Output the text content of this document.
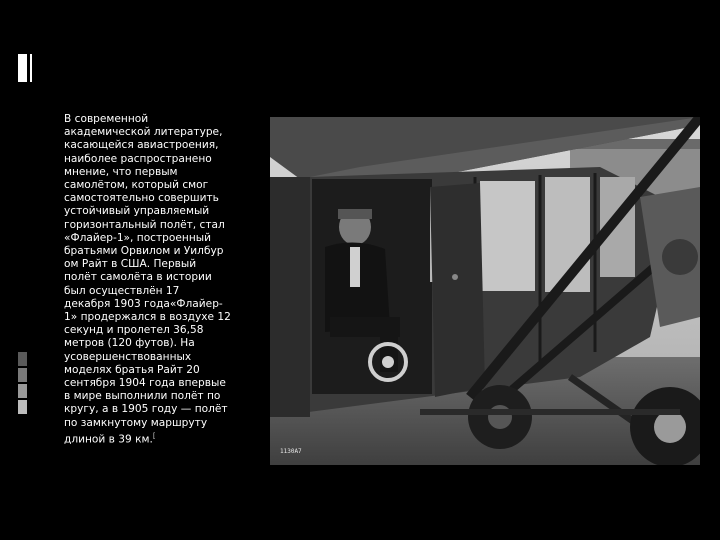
В современной
академической литературе,
касающейся авиастроения,
наиболее распространено
мнение, что первым
самолётом, который смог
самостоятельно совершить
устойчивый управляемый
горизонтальный полёт, стал
«Флайер-1», построенный
братьями Орвилом и Уилбур
ом Райт в США. Первый
полёт самолёта в истории
был осуществлён 17
декабря 1903 года«Флайер-
1» продержался в воздухе 12
секунд и пролетел 36,58
метров (120 футов). На
усовершенствованных
моделях братья Райт 20
сентября 1904 года впервые
в мире выполнили полёт по
кругу, а в 1905 году — полёт
по замкнутому маршруту
длиной в 39 км.[
1130A7
